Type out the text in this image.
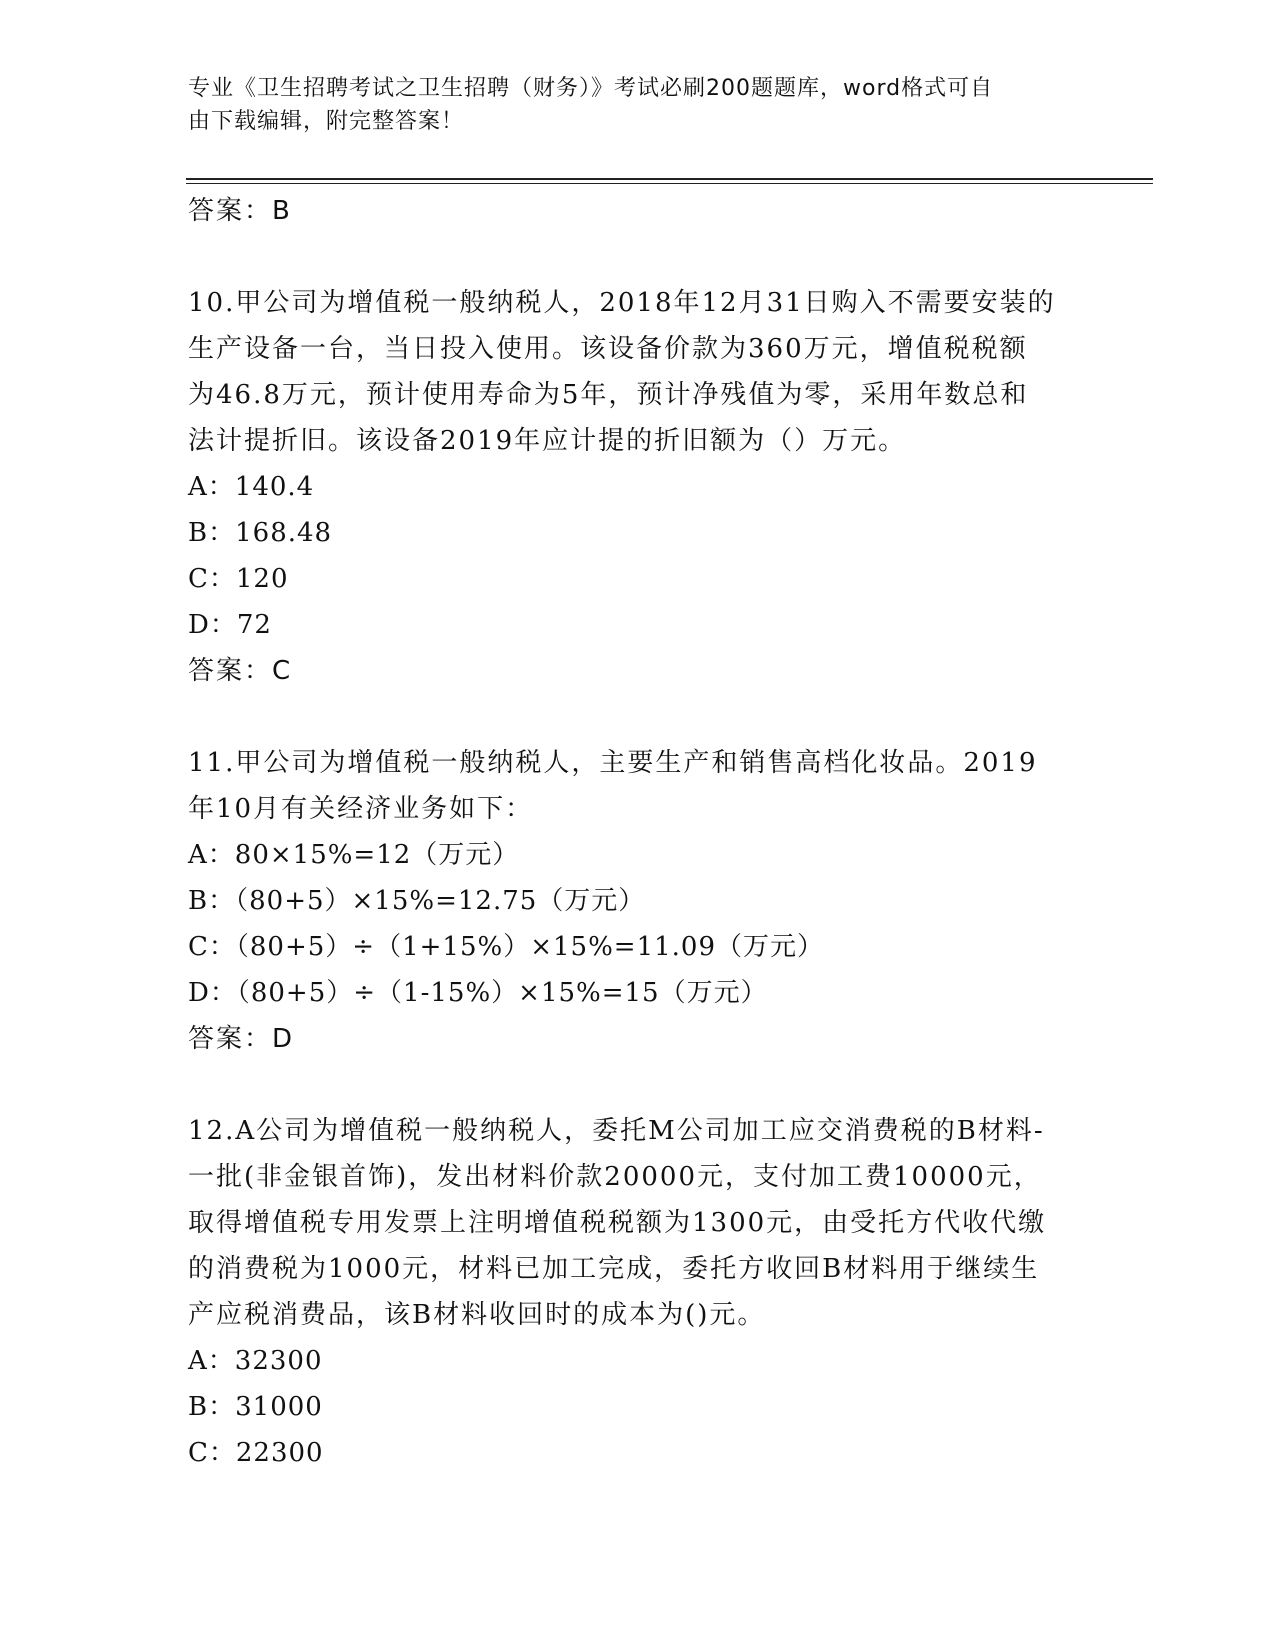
专业《卫生招聘考试之卫生招聘（财务）》考试必刷200题题库，word格式可自
由下载编辑，附完整答案！
答案：B
10.甲公司为增值税一般纳税人，2018年12月31日购入不需要安装的
生产设备一台，当日投入使用。该设备价款为360万元，增值税税额
为46.8万元，预计使用寿命为5年，预计净残值为零，采用年数总和
法计提折旧。该设备2019年应计提的折旧额为（）万元。
A：140.4
B：168.48
C：120
D：72
答案：C
11.甲公司为增值税一般纳税人，主要生产和销售高档化妆品。2019
年10月有关经济业务如下：
A：80×15%=12（万元）
B：（80+5）×15%=12.75（万元）
C：（80+5）÷（1+15%）×15%=11.09（万元）
D：（80+5）÷（1-15%）×15%=15（万元）
答案：D
12.A公司为增值税一般纳税人，委托M公司加工应交消费税的B材料-
一批(非金银首饰)，发出材料价款20000元，支付加工费10000元，
取得增值税专用发票上注明增值税税额为1300元，由受托方代收代缴
的消费税为1000元，材料已加工完成，委托方收回B材料用于继续生
产应税消费品，该B材料收回时的成本为()元。
A：32300
B：31000
C：22300
